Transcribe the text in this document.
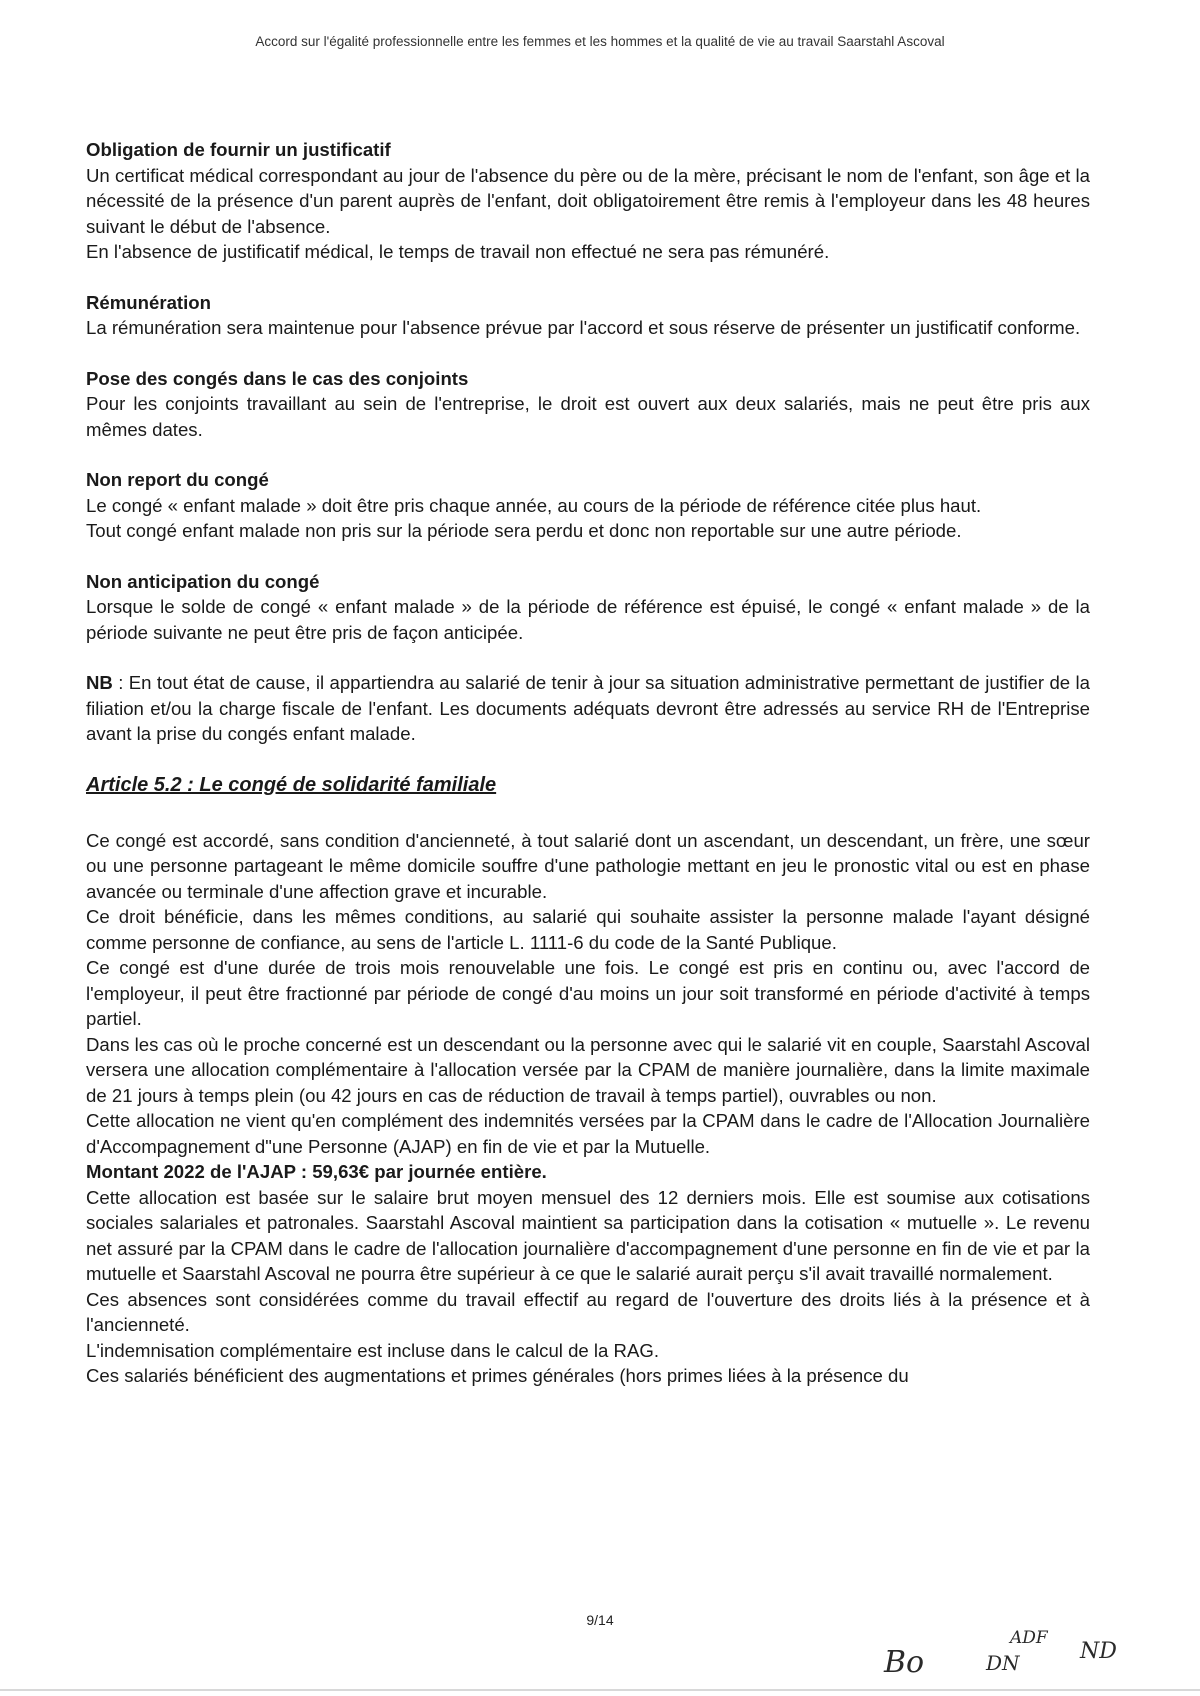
Accord sur l'égalité professionnelle entre les femmes et les hommes et la qualité de vie au travail Saarstahl Ascoval
Obligation de fournir un justificatif

Un certificat médical correspondant au jour de l'absence du père ou de la mère, précisant le nom de l'enfant, son âge et la nécessité de la présence d'un parent auprès de l'enfant, doit obligatoirement être remis à l'employeur dans les 48 heures suivant le début de l'absence.

En l'absence de justificatif médical, le temps de travail non effectué ne sera pas rémunéré.

Rémunération

La rémunération sera maintenue pour l'absence prévue par l'accord et sous réserve de présenter un justificatif conforme.

Pose des congés dans le cas des conjoints

Pour les conjoints travaillant au sein de l'entreprise, le droit est ouvert aux deux salariés, mais ne peut être pris aux mêmes dates.

Non report du congé

Le congé « enfant malade » doit être pris chaque année, au cours de la période de référence citée plus haut.

Tout congé enfant malade non pris sur la période sera perdu et donc non reportable sur une autre période.

Non anticipation du congé

Lorsque le solde de congé « enfant malade » de la période de référence est épuisé, le congé « enfant malade » de la période suivante ne peut être pris de façon anticipée.

NB : En tout état de cause, il appartiendra au salarié de tenir à jour sa situation administrative permettant de justifier de la filiation et/ou la charge fiscale de l'enfant. Les documents adéquats devront être adressés au service RH de l'Entreprise avant la prise du congés enfant malade.

Article 5.2 : Le congé de solidarité familiale

Ce congé est accordé, sans condition d'ancienneté, à tout salarié dont un ascendant, un descendant, un frère, une sœur ou une personne partageant le même domicile souffre d'une pathologie mettant en jeu le pronostic vital ou est en phase avancée ou terminale d'une affection grave et incurable.

Ce droit bénéficie, dans les mêmes conditions, au salarié qui souhaite assister la personne malade l'ayant désigné comme personne de confiance, au sens de l'article L. 1111-6 du code de la Santé Publique.

Ce congé est d'une durée de trois mois renouvelable une fois. Le congé est pris en continu ou, avec l'accord de l'employeur, il peut être fractionné par période de congé d'au moins un jour soit transformé en période d'activité à temps partiel.

Dans les cas où le proche concerné est un descendant ou la personne avec qui le salarié vit en couple, Saarstahl Ascoval versera une allocation complémentaire à l'allocation versée par la CPAM de manière journalière, dans la limite maximale de 21 jours à temps plein (ou 42 jours en cas de réduction de travail à temps partiel), ouvrables ou non.

Cette allocation ne vient qu'en complément des indemnités versées par la CPAM dans le cadre de l'Allocation Journalière d'Accompagnement d"une Personne (AJAP) en fin de vie et par la Mutuelle.

Montant 2022 de l'AJAP : 59,63€ par journée entière.

Cette allocation est basée sur le salaire brut moyen mensuel des 12 derniers mois. Elle est soumise aux cotisations sociales salariales et patronales. Saarstahl Ascoval maintient sa participation dans la cotisation « mutuelle ». Le revenu net assuré par la CPAM dans le cadre de l'allocation journalière d'accompagnement d'une personne en fin de vie et par la mutuelle et Saarstahl Ascoval ne pourra être supérieur à ce que le salarié aurait perçu s'il avait travaillé normalement.

Ces absences sont considérées comme du travail effectif au regard de l'ouverture des droits liés à la présence et à l'ancienneté.

L'indemnisation complémentaire est incluse dans le calcul de la RAG.

Ces salariés bénéficient des augmentations et primes générales (hors primes liées à la présence du

9/14
Bo	DN
ADF
ND
